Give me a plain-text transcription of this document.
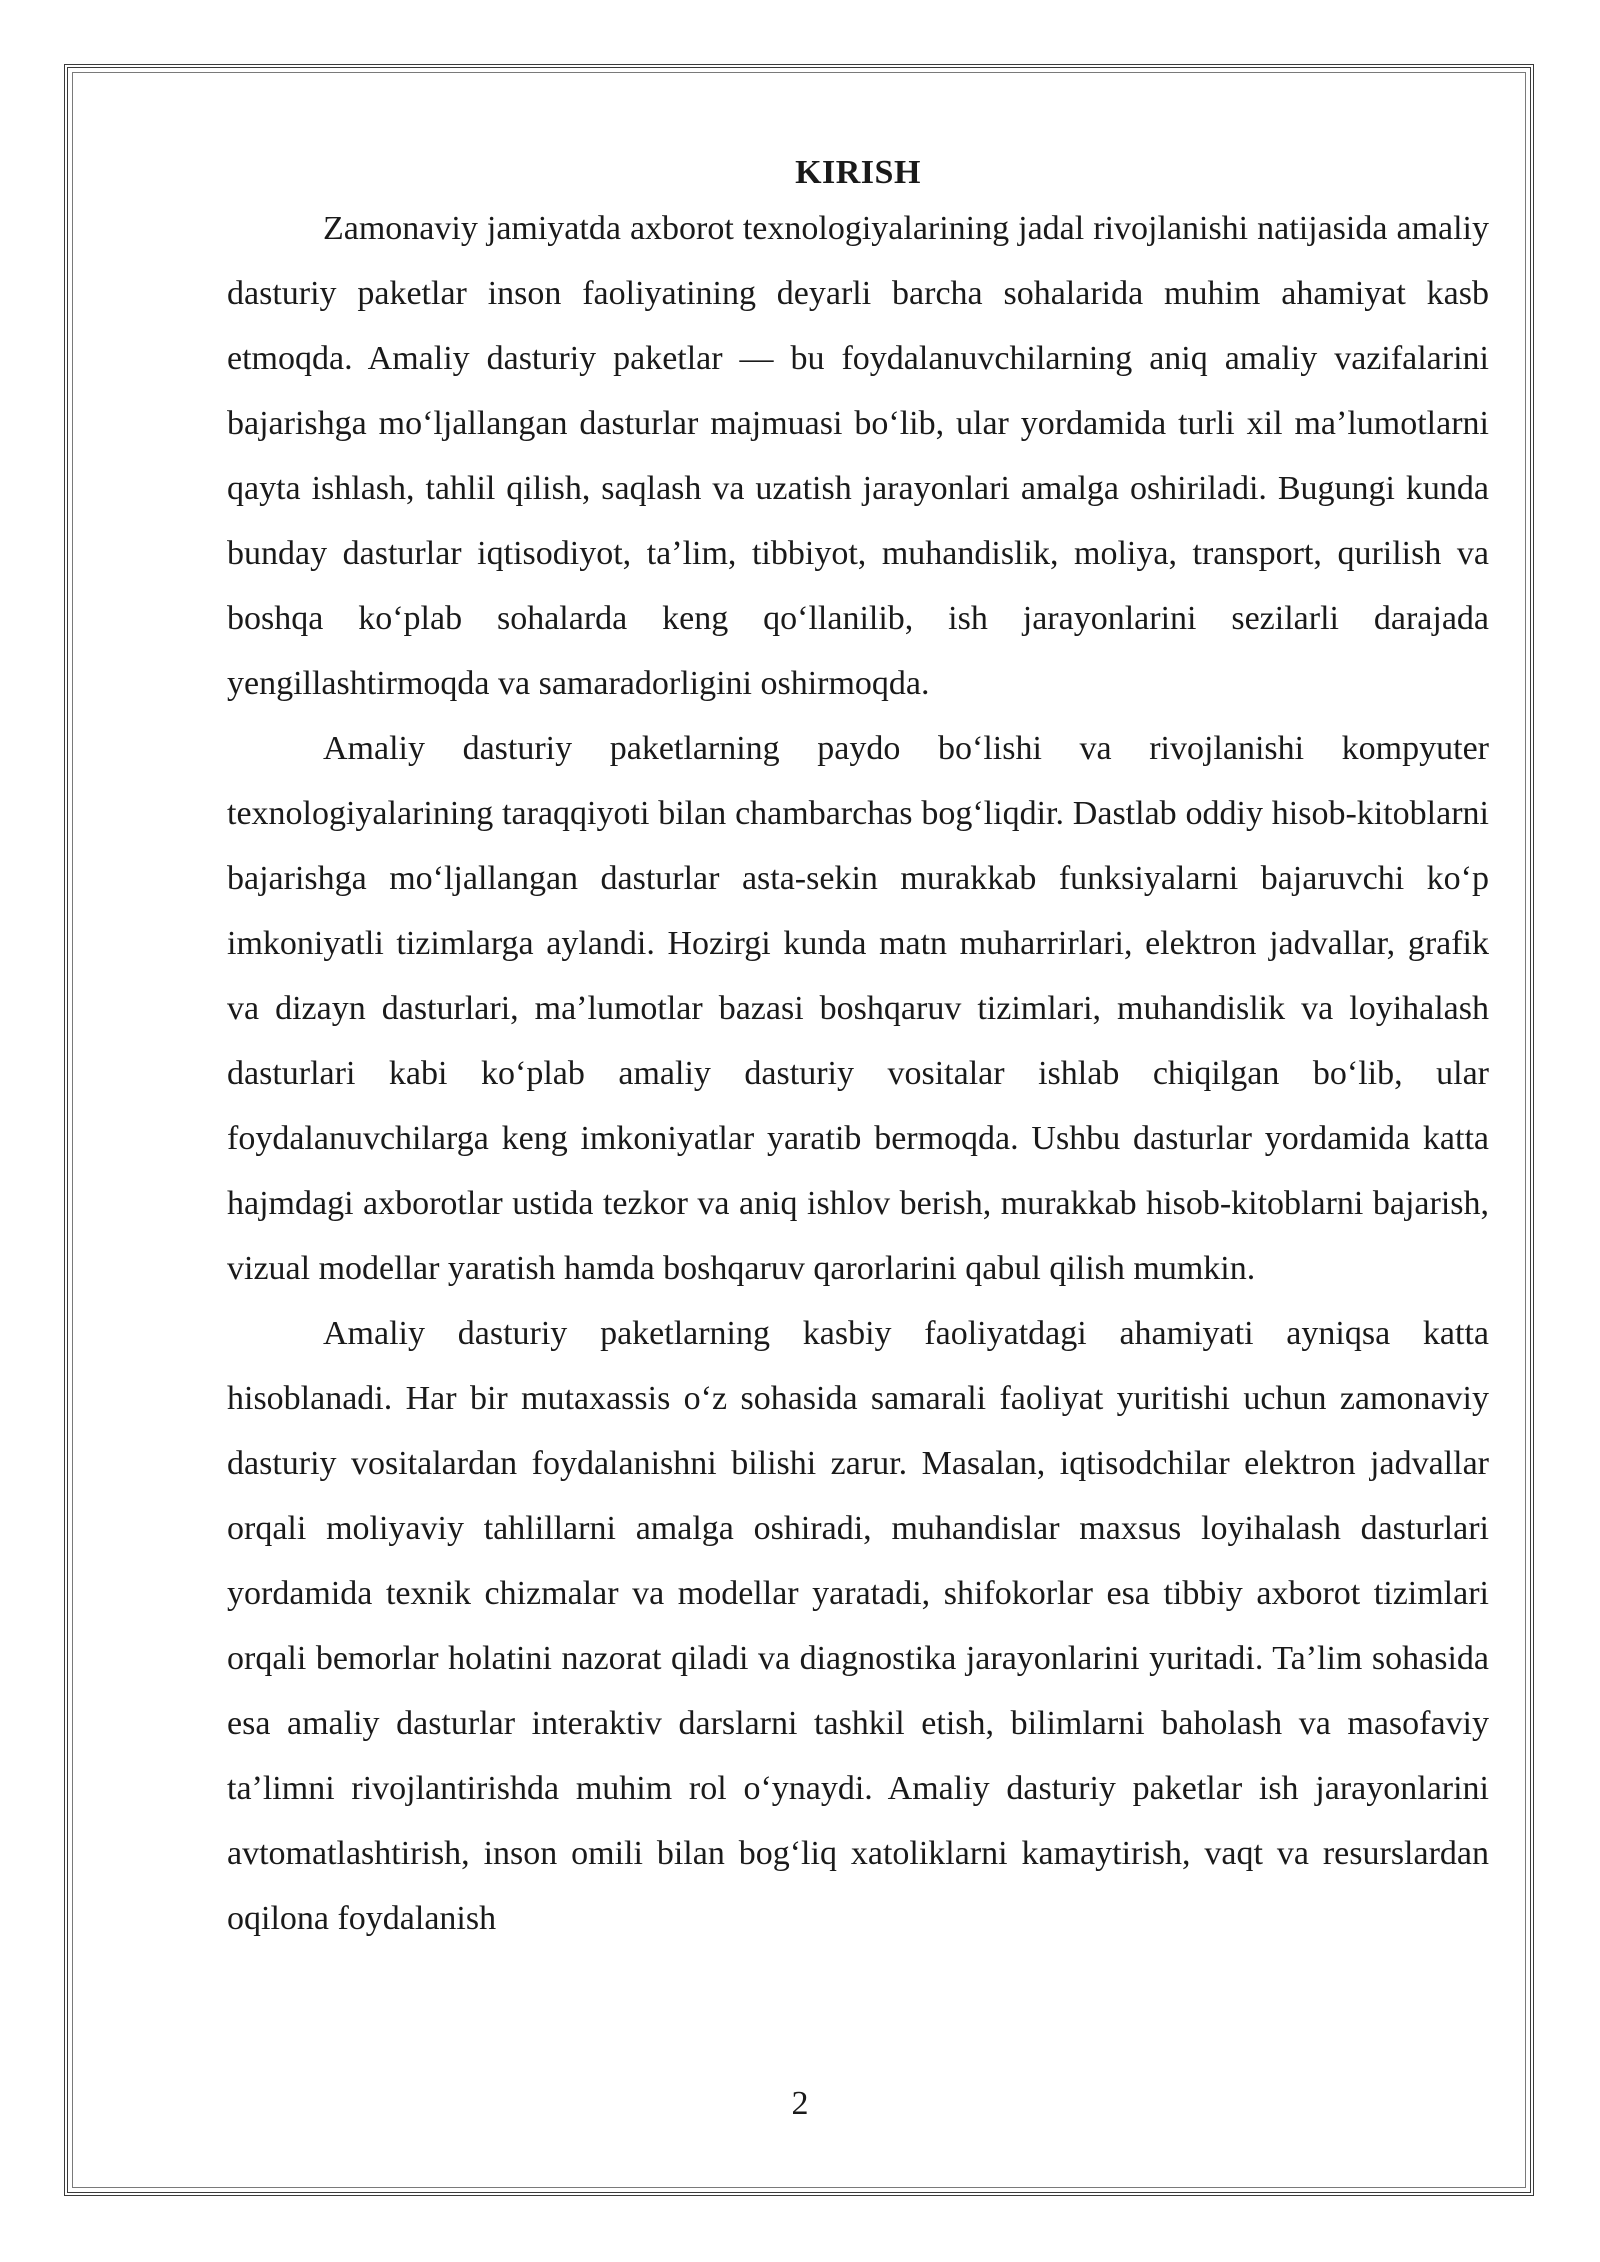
KIRISH

Zamonaviy jamiyatda axborot texnologiyalarining jadal rivojlanishi natijasida amaliy dasturiy paketlar inson faoliyatining deyarli barcha sohalarida muhim ahamiyat kasb etmoqda. Amaliy dasturiy paketlar — bu foydalanuvchilarning aniq amaliy vazifalarini bajarishga moʻljallangan dasturlar majmuasi boʻlib, ular yordamida turli xil maʼlumotlarni qayta ishlash, tahlil qilish, saqlash va uzatish jarayonlari amalga oshiriladi. Bugungi kunda bunday dasturlar iqtisodiyot, taʼlim, tibbiyot, muhandislik, moliya, transport, qurilish va boshqa koʻplab sohalarda keng qoʻllanilib, ish jarayonlarini sezilarli darajada yengillashtirmoqda va samaradorligini oshirmoqda.

Amaliy dasturiy paketlarning paydo boʻlishi va rivojlanishi kompyuter texnologiyalarining taraqqiyoti bilan chambarchas bogʻliqdir. Dastlab oddiy hisob-kitoblarni bajarishga moʻljallangan dasturlar asta-sekin murakkab funksiyalarni bajaruvchi koʻp imkoniyatli tizimlarga aylandi. Hozirgi kunda matn muharrirlari, elektron jadvallar, grafik va dizayn dasturlari, maʼlumotlar bazasi boshqaruv tizimlari, muhandislik va loyihalash dasturlari kabi koʻplab amaliy dasturiy vositalar ishlab chiqilgan boʻlib, ular foydalanuvchilarga keng imkoniyatlar yaratib bermoqda. Ushbu dasturlar yordamida katta hajmdagi axborotlar ustida tezkor va aniq ishlov berish, murakkab hisob-kitoblarni bajarish, vizual modellar yaratish hamda boshqaruv qarorlarini qabul qilish mumkin.

Amaliy dasturiy paketlarning kasbiy faoliyatdagi ahamiyati ayniqsa katta hisoblanadi. Har bir mutaxassis oʻz sohasida samarali faoliyat yuritishi uchun zamonaviy dasturiy vositalardan foydalanishni bilishi zarur. Masalan, iqtisodchilar elektron jadvallar orqali moliyaviy tahlillarni amalga oshiradi, muhandislar maxsus loyihalash dasturlari yordamida texnik chizmalar va modellar yaratadi, shifokorlar esa tibbiy axborot tizimlari orqali bemorlar holatini nazorat qiladi va diagnostika jarayonlarini yuritadi. Taʼlim sohasida esa amaliy dasturlar interaktiv darslarni tashkil etish, bilimlarni baholash va masofaviy taʼlimni rivojlantirishda muhim rol oʻynaydi. Amaliy dasturiy paketlar ish jarayonlarini avtomatlashtirish, inson omili bilan bogʻliq xatoliklarni kamaytirish, vaqt va resurslardan oqilona foydalanish

2
